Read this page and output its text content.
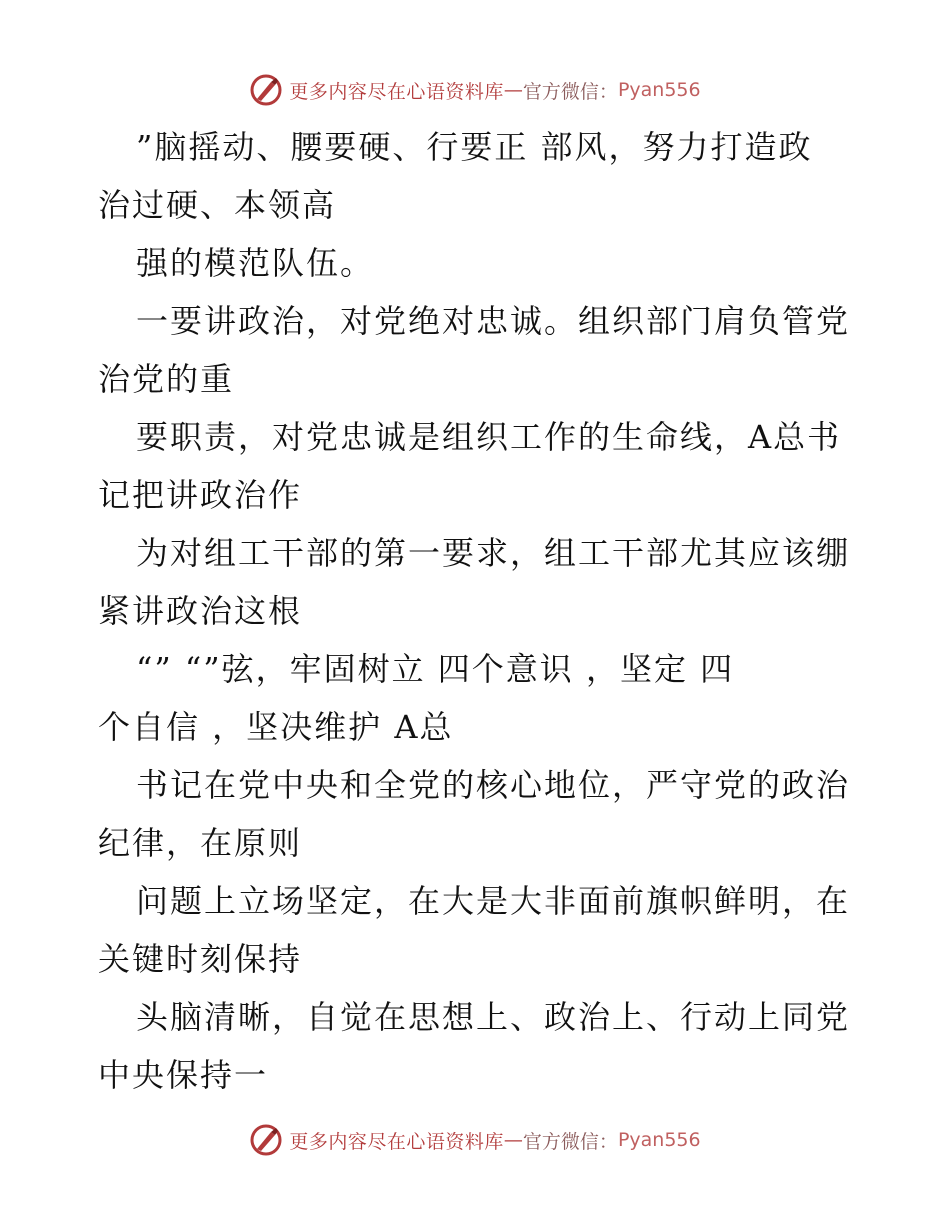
更多内容尽在心语资料库 — 官方微信： Pyan556
”脑摇动、腰要硬、行要正 部风，努力打造政
治过硬、本领高
强的模范队伍。
一要讲政治，对党绝对忠诚。组织部门肩负管党
治党的重
要职责，对党忠诚是组织工作的生命线，A总书
记把讲政治作
为对组工干部的第一要求，组工干部尤其应该绷
紧讲政治这根
“” “”弦，牢固树立 四个意识 ，坚定 四
个自信 ，坚决维护 A总
书记在党中央和全党的核心地位，严守党的政治
纪律，在原则
问题上立场坚定，在大是大非面前旗帜鲜明，在
关键时刻保持
头脑清晰，自觉在思想上、政治上、行动上同党
中央保持一
更多内容尽在心语资料库 — 官方微信： Pyan556
